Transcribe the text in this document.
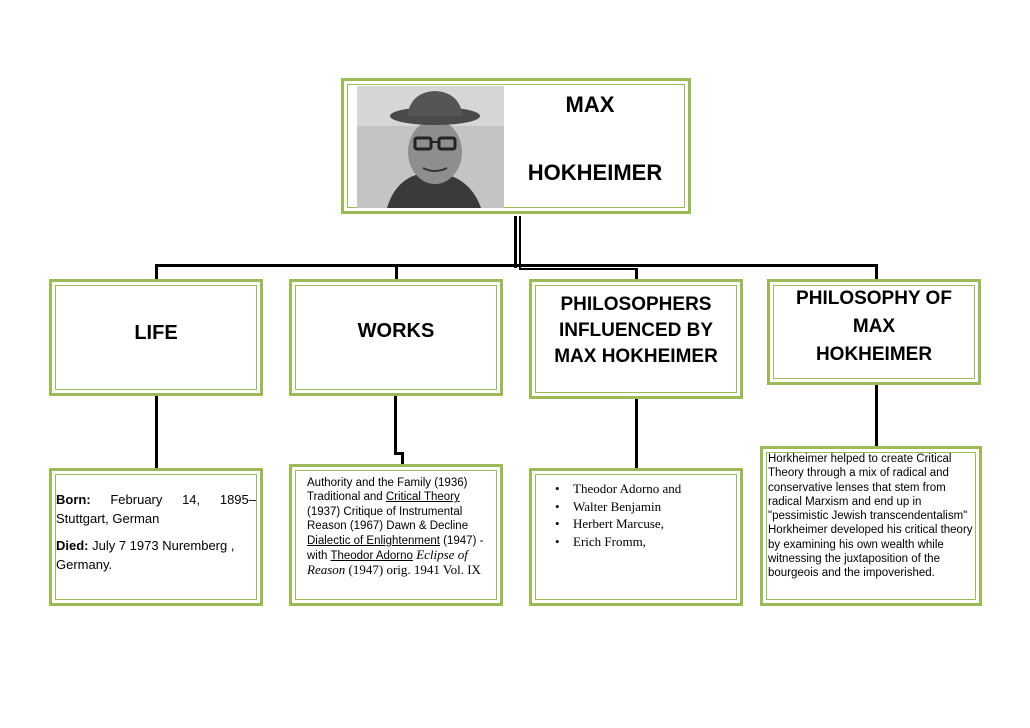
MAX
HOKHEIMER
LIFE	WORKS
PHILOSOPHERS
INFLUENCED BY
MAX HOKHEIMER
PHILOSOPHY OF
MAX
HOKHEIMER
Born: February 14, 1895–Stuttgart, German
Died: July 7 1973 Nuremberg , Germany.
Authority and the Family (1936) Traditional and Critical Theory (1937) Critique of Instrumental Reason (1967) Dawn & Decline Dialectic of Enlightenment (1947) - with Theodor Adorno Eclipse of Reason (1947) orig. 1941 Vol. IX
• Theodor Adorno and
• Walter Benjamin
• Herbert Marcuse,
• Erich Fromm,
Horkheimer helped to create Critical Theory through a mix of radical and conservative lenses that stem from radical Marxism and end up in "pessimistic Jewish transcendentalism" Horkheimer developed his critical theory by examining his own wealth while witnessing the juxtaposition of the bourgeois and the impoverished.
